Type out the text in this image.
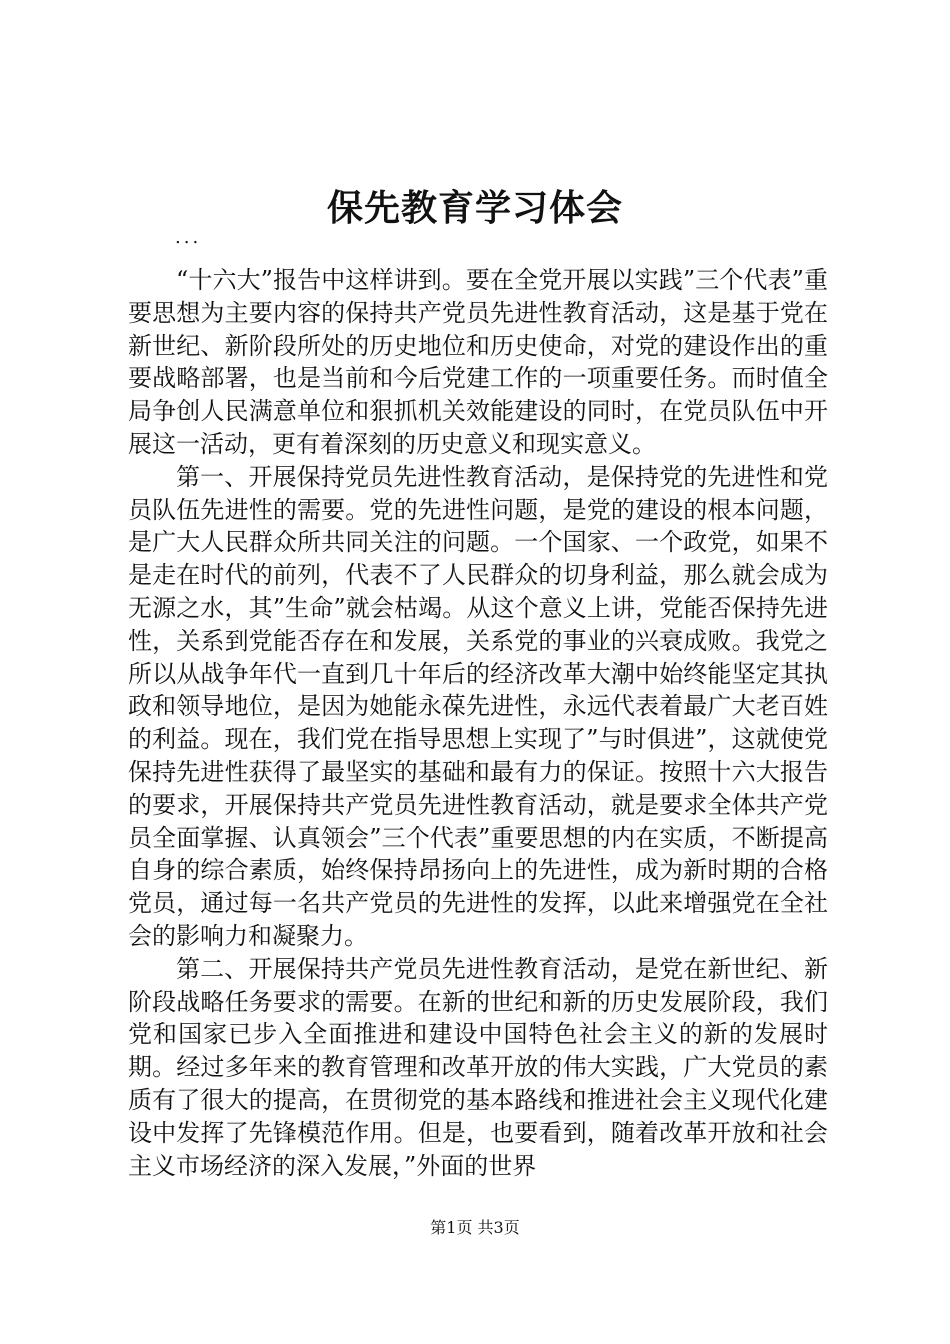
保先教育学习体会
...

“十六大”报告中这样讲到。要在全党开展以实践”三个代表”重要思想为主要内容的保持共产党员先进性教育活动，这是基于党在新世纪、新阶段所处的历史地位和历史使命，对党的建设作出的重要战略部署，也是当前和今后党建工作的一项重要任务。而时值全局争创人民满意单位和狠抓机关效能建设的同时，在党员队伍中开展这一活动，更有着深刻的历史意义和现实意义。

第一、开展保持党员先进性教育活动，是保持党的先进性和党员队伍先进性的需要。党的先进性问题，是党的建设的根本问题，是广大人民群众所共同关注的问题。一个国家、一个政党，如果不是走在时代的前列，代表不了人民群众的切身利益，那么就会成为无源之水，其”生命”就会枯竭。从这个意义上讲，党能否保持先进性，关系到党能否存在和发展，关系党的事业的兴衰成败。我党之所以从战争年代一直到几十年后的经济改革大潮中始终能坚定其执政和领导地位，是因为她能永葆先进性，永远代表着最广大老百姓的利益。现在，我们党在指导思想上实现了”与时俱进”，这就使党保持先进性获得了最坚实的基础和最有力的保证。按照十六大报告的要求，开展保持共产党员先进性教育活动，就是要求全体共产党员全面掌握、认真领会”三个代表”重要思想的内在实质，不断提高自身的综合素质，始终保持昂扬向上的先进性，成为新时期的合格党员，通过每一名共产党员的先进性的发挥，以此来增强党在全社会的影响力和凝聚力。

第二、开展保持共产党员先进性教育活动，是党在新世纪、新阶段战略任务要求的需要。在新的世纪和新的历史发展阶段，我们党和国家已步入全面推进和建设中国特色社会主义的新的发展时期。经过多年来的教育管理和改革开放的伟大实践，广大党员的素质有了很大的提高，在贯彻党的基本路线和推进社会主义现代化建设中发挥了先锋模范作用。但是，也要看到，随着改革开放和社会主义市场经济的深入发展，”外面的世界

第1页 共3页
